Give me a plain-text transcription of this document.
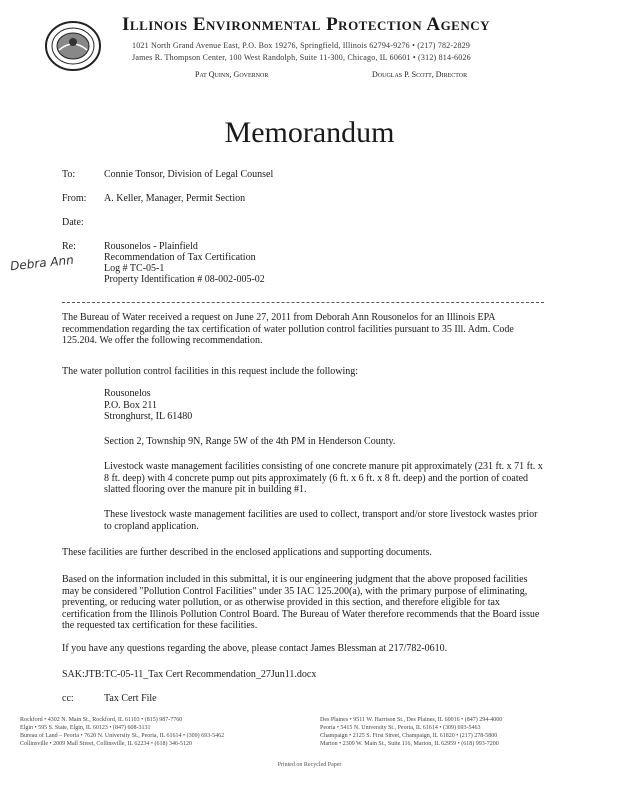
Illinois Environmental Protection Agency
1021 North Grand Avenue East, P.O. Box 19276, Springfield, Illinois 62794-9276 • (217) 782-2829
James R. Thompson Center, 100 West Randolph, Suite 11-300, Chicago, IL 60601 • (312) 814-6026
Pat Quinn, Governor	Douglas P. Scott, Director
Memorandum
To:	Connie Tonsor, Division of Legal Counsel
From: A. Keller, Manager, Permit Section
Date:
Re:	Rousonelos - Plainfield
Recommendation of Tax Certification
Log # TC-05-1
Property Identification # 08-002-005-02
Debra Ann
The Bureau of Water received a request on June 27, 2011 from Deborah Ann Rousonelos for an Illinois EPA recommendation regarding the tax certification of water pollution control facilities pursuant to 35 Ill. Adm. Code 125.204. We offer the following recommendation.
The water pollution control facilities in this request include the following:
Rousonelos
P.O. Box 211
Stronghurst, IL 61480
Section 2, Township 9N, Range 5W of the 4th PM in Henderson County.
Livestock waste management facilities consisting of one concrete manure pit approximately (231 ft. x 71 ft. x 8 ft. deep) with 4 concrete pump out pits approximately (6 ft. x 6 ft. x 8 ft. deep) and the portion of coated slatted flooring over the manure pit in building #1.
These livestock waste management facilities are used to collect, transport and/or store livestock wastes prior to cropland application.
These facilities are further described in the enclosed applications and supporting documents.
Based on the information included in this submittal, it is our engineering judgment that the above proposed facilities may be considered "Pollution Control Facilities" under 35 IAC 125.200(a), with the primary purpose of eliminating, preventing, or reducing water pollution, or as otherwise provided in this section, and therefore eligible for tax certification from the Illinois Pollution Control Board. The Bureau of Water therefore recommends that the Board issue the requested tax certification for these facilities.
If you have any questions regarding the above, please contact James Blessman at 217/782-0610.
SAK:JTB:TC-05-11_Tax Cert Recommendation_27Jun11.docx
cc:	Tax Cert File
Rockford • 4302 N. Main St., Rockford, IL 61103 • (815) 987-7760
Elgin • 595 S. State, Elgin, IL 60123 • (847) 608-3131
Bureau of Land – Peoria • 7620 N. University St., Peoria, IL 61614 • (309) 693-5462
Collinsville • 2009 Mall Street, Collinsville, IL 62234 • (618) 346-5120
Des Plaines • 9511 W. Harrison St., Des Plaines, IL 60016 • (847) 294-4000
Peoria • 5415 N. University St., Peoria, IL 61614 • (309) 693-5463
Champaign • 2125 S. First Street, Champaign, IL 61820 • (217) 278-5800
Marion • 2309 W. Main St., Suite 116, Marion, IL 62959 • (618) 993-7200
Printed on Recycled Paper
